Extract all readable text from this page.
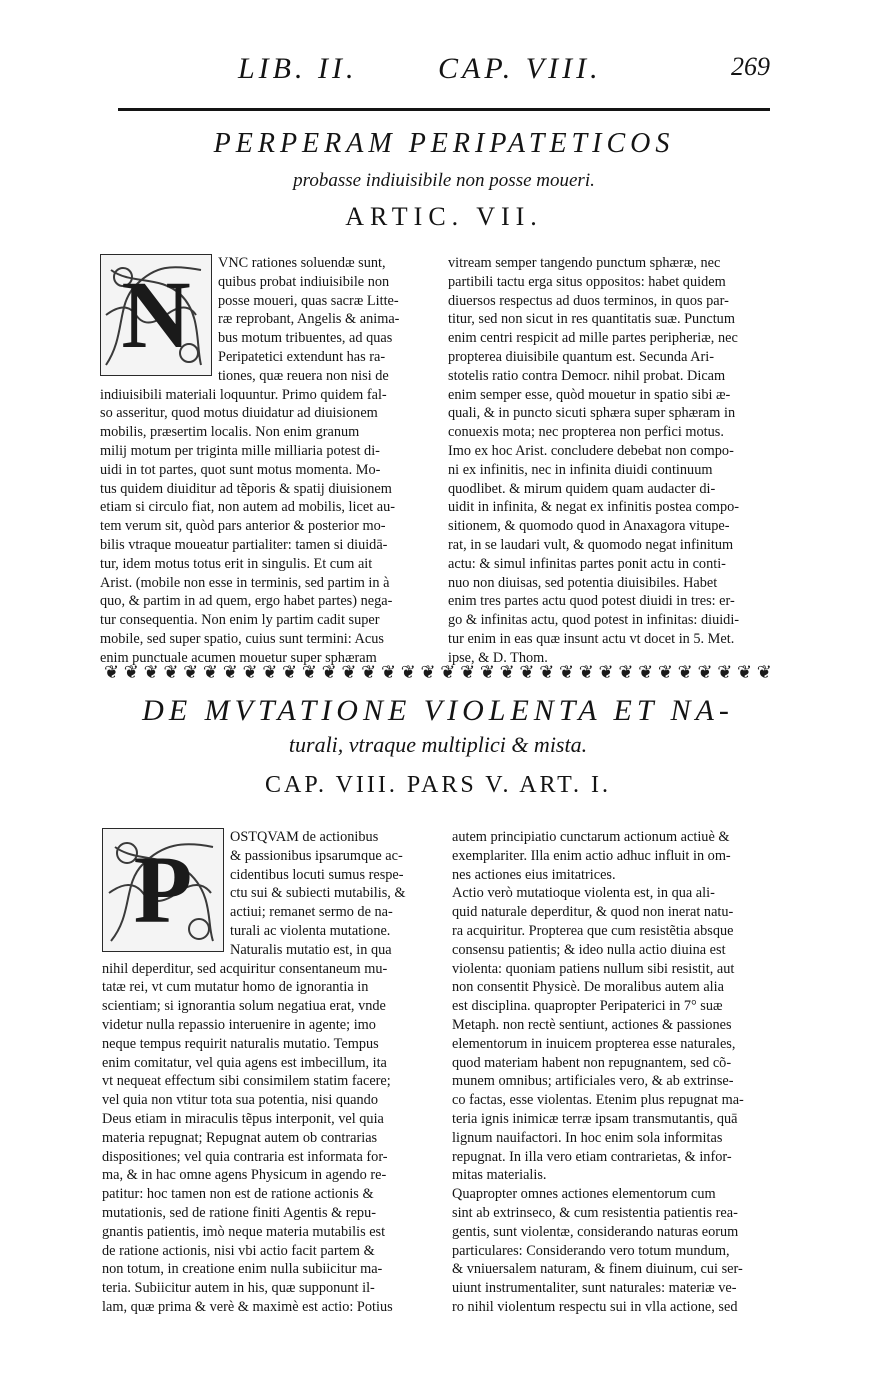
LIB. II.	CAP. VIII.	269
PERPERAM PERIPATETICOS
probasse indiuisibile non posse moueri.
ARTIC. VII.
N	VNC rationes soluendæ sunt,

quibus probat indiuisibile non

posse moueri, quas sacræ Litte-

ræ reprobant, Angelis & anima-

bus motum tribuentes, ad quas

Peripatetici extendunt has ra-

tiones, quæ reuera non nisi de

indiuisibili materiali loquuntur. Primo quidem fal-

so asseritur, quod motus diuidatur ad diuisionem

mobilis, præsertim localis. Non enim granum

milij motum per triginta mille milliaria potest di-

uidi in tot partes, quot sunt motus momenta. Mo-

tus quidem diuiditur ad tẽporis & spatij diuisionem

etiam si circulo fiat, non autem ad mobilis, licet au-

tem verum sit, quòd pars anterior & posterior mo-

bilis vtraque moueatur partialiter: tamen si diuidā-

tur, idem motus totus erit in singulis. Et cum ait

Arist. (mobile non esse in terminis, sed partim in à

quo, & partim in ad quem, ergo habet partes) nega-

tur consequentia. Non enim ly partim cadit super

mobile, sed super spatio, cuius sunt termini: Acus

enim punctuale acumen mouetur super sphæram

vitream semper tangendo punctum sphæræ, nec

partibili tactu erga situs oppositos: habet quidem

diuersos respectus ad duos terminos, in quos par-

titur, sed non sicut in res quantitatis suæ. Punctum

enim centri respicit ad mille partes peripheriæ, nec

propterea diuisibile quantum est. Secunda Ari-

stotelis ratio contra Democr. nihil probat. Dicam

enim semper esse, quòd mouetur in spatio sibi æ-

quali, & in puncto sicuti sphæra super sphæram in

conuexis mota; nec propterea non perfici motus.

Imo ex hoc Arist. concludere debebat non compo-

ni ex infinitis, nec in infinita diuidi continuum

quodlibet. & mirum quidem quam audacter di-

uidit in infinita, & negat ex infinitis postea compo-

sitionem, & quomodo quod in Anaxagora vitupe-

rat, in se laudari vult, & quomodo negat infinitum

actu: & simul infinitas partes ponit actu in conti-

nuo non diuisas, sed potentia diuisibiles. Habet

enim tres partes actu quod potest diuidi in tres: er-

go & infinitas actu, quod potest in infinitas: diuidi-

tur enim in eas quæ insunt actu vt docet in 5. Met.

ipse, & D. Thom.

❦ ❦ ❦ ❦ ❦ ❦ ❦ ❦ ❦ ❦ ❦ ❦ ❦ ❦ ❦ ❦ ❦ ❦ ❦ ❦ ❦ ❦ ❦ ❦ ❦ ❦ ❦ ❦ ❦ ❦ ❦ ❦ ❦ ❦
DE MVTATIONE VIOLENTA ET NA-
turali, vtraque multiplici & mista.
CAP. VIII. PARS V. ART. I.
P	OSTQVAM de actionibus

& passionibus ipsarumque ac-

cidentibus locuti sumus respe-

ctu sui & subiecti mutabilis, &

actiui; remanet sermo de na-

turali ac violenta mutatione.

Naturalis mutatio est, in qua

nihil deperditur, sed acquiritur consentaneum mu-

tatæ rei, vt cum mutatur homo de ignorantia in

scientiam; si ignorantia solum negatiua erat, vnde

videtur nulla repassio interuenire in agente; imo

neque tempus requirit naturalis mutatio. Tempus

enim comitatur, vel quia agens est imbecillum, ita

vt nequeat effectum sibi consimilem statim facere;

vel quia non vtitur tota sua potentia, nisi quando

Deus etiam in miraculis tẽpus interponit, vel quia

materia repugnat; Repugnat autem ob contrarias

dispositiones; vel quia contraria est informata for-

ma, & in hac omne agens Physicum in agendo re-

patitur: hoc tamen non est de ratione actionis &

mutationis, sed de ratione finiti Agentis & repu-

gnantis patientis, imò neque materia mutabilis est

de ratione actionis, nisi vbi actio facit partem &

non totum, in creatione enim nulla subiicitur ma-

teria. Subiicitur autem in his, quæ supponunt il-

lam, quæ prima & verè & maximè est actio: Potius

autem principiatio cunctarum actionum actiuè &

exemplariter. Illa enim actio adhuc influit in om-

nes actiones eius imitatrices.

Actio verò mutatioque violenta est, in qua ali-

quid naturale deperditur, & quod non inerat natu-

ra acquiritur. Propterea que cum resistẽtia absque

consensu patientis; & ideo nulla actio diuina est

violenta: quoniam patiens nullum sibi resistit, aut

non consentit Physicè. De moralibus autem alia

est disciplina. quapropter Peripaterici in 7° suæ

Metaph. non rectè sentiunt, actiones & passiones

elementorum in inuicem propterea esse naturales,

quod materiam habent non repugnantem, sed cõ-

munem omnibus; artificiales vero, & ab extrinse-

co factas, esse violentas. Etenim plus repugnat ma-

teria ignis inimicæ terræ ipsam transmutantis, quā

lignum nauifactori. In hoc enim sola informitas

repugnat. In illa vero etiam contrarietas, & infor-

mitas materialis.

Quapropter omnes actiones elementorum cum

sint ab extrinseco, & cum resistentia patientis rea-

gentis, sunt violentæ, considerando naturas eorum

particulares: Considerando vero totum mundum,

& vniuersalem naturam, & finem diuinum, cui ser-

uiunt instrumentaliter, sunt naturales: materiæ ve-

ro nihil violentum respectu sui in vlla actione, sed
